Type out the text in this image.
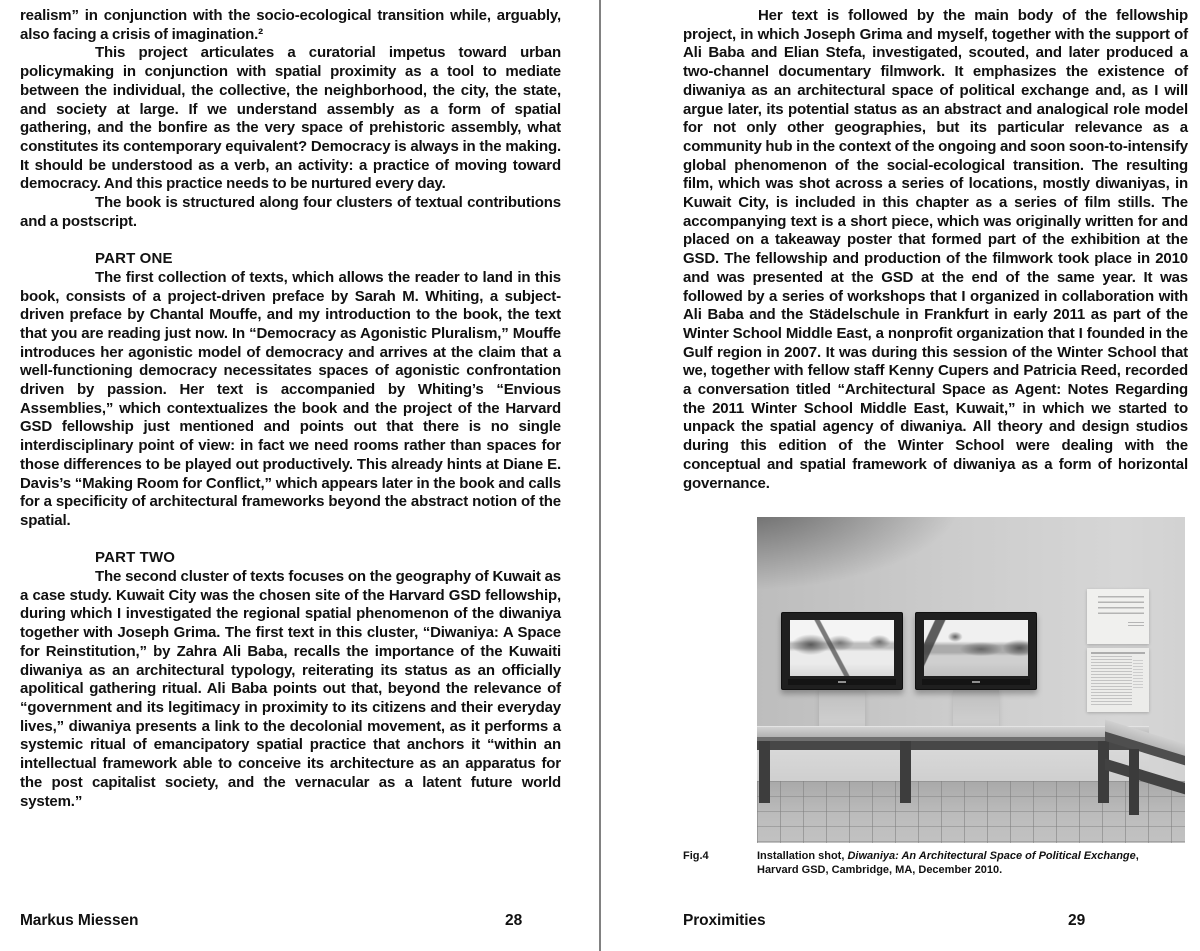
realism” in conjunction with the socio-ecological transition while, arguably, also facing a crisis of imagination.²

This project articulates a curatorial impetus toward urban policymaking in conjunction with spatial proximity as a tool to mediate between the individual, the collective, the neighborhood, the city, the state, and society at large. If we understand assembly as a form of spatial gathering, and the bonfire as the very space of prehistoric assembly, what constitutes its contemporary equivalent? Democracy is always in the making. It should be understood as a verb, an activity: a practice of moving toward democracy. And this practice needs to be nurtured every day.

The book is structured along four clusters of textual contributions and a postscript.

PART ONE

The first collection of texts, which allows the reader to land in this book, consists of a project-driven preface by Sarah M. Whiting, a subject-driven preface by Chantal Mouffe, and my introduction to the book, the text that you are reading just now. In “Democracy as Agonistic Pluralism,” Mouffe introduces her agonistic model of democracy and arrives at the claim that a well-functioning democracy necessitates spaces of agonistic confrontation driven by passion. Her text is accompanied by Whiting’s “Envious Assemblies,” which contextualizes the book and the project of the Harvard GSD fellowship just mentioned and points out that there is no single interdisciplinary point of view: in fact we need rooms rather than spaces for those differences to be played out productively. This already hints at Diane E. Davis’s “Making Room for Conflict,” which appears later in the book and calls for a specificity of architectural frameworks beyond the abstract notion of the spatial.

PART TWO

The second cluster of texts focuses on the geography of Kuwait as a case study. Kuwait City was the chosen site of the Harvard GSD fellowship, during which I investigated the regional spatial phenomenon of the diwaniya together with Joseph Grima. The first text in this cluster, “Diwaniya: A Space for Reinstitution,” by Zahra Ali Baba, recalls the importance of the Kuwaiti diwaniya as an architectural typology, reiterating its status as an officially apolitical gathering ritual. Ali Baba points out that, beyond the relevance of “government and its legitimacy in proximity to its citizens and their everyday lives,” diwaniya presents a link to the decolonial movement, as it performs a systemic ritual of emancipatory spatial practice that anchors it “within an intellectual framework able to conceive its architecture as an apparatus for the post capitalist society, and the vernacular as a latent future world system.”

Markus Miessen	28

Her text is followed by the main body of the fellowship project, in which Joseph Grima and myself, together with the support of Ali Baba and Elian Stefa, investigated, scouted, and later produced a two-channel documentary filmwork. It emphasizes the existence of diwaniya as an architectural space of political exchange and, as I will argue later, its potential status as an abstract and analogical role model for not only other geographies, but its particular relevance as a community hub in the context of the ongoing and soon soon-to-intensify global phenomenon of the social-ecological transition. The resulting film, which was shot across a series of locations, mostly diwaniyas, in Kuwait City, is included in this chapter as a series of film stills. The accompanying text is a short piece, which was originally written for and placed on a takeaway poster that formed part of the exhibition at the GSD. The fellowship and production of the filmwork took place in 2010 and was presented at the GSD at the end of the same year. It was followed by a series of workshops that I organized in collaboration with Ali Baba and the Städelschule in Frankfurt in early 2011 as part of the Winter School Middle East, a nonprofit organization that I founded in the Gulf region in 2007. It was during this session of the Winter School that we, together with fellow staff Kenny Cupers and Patricia Reed, recorded a conversation titled “Architectural Space as Agent: Notes Regarding the 2011 Winter School Middle East, Kuwait,” in which we started to unpack the spatial agency of diwaniya. All theory and design studios during this edition of the Winter School were dealing with the conceptual and spatial framework of diwaniya as a form of horizontal governance.

Fig.4	Installation shot, Diwaniya: An Architectural Space of Political Exchange, Harvard GSD, Cambridge, MA, December 2010.
Proximities	29
